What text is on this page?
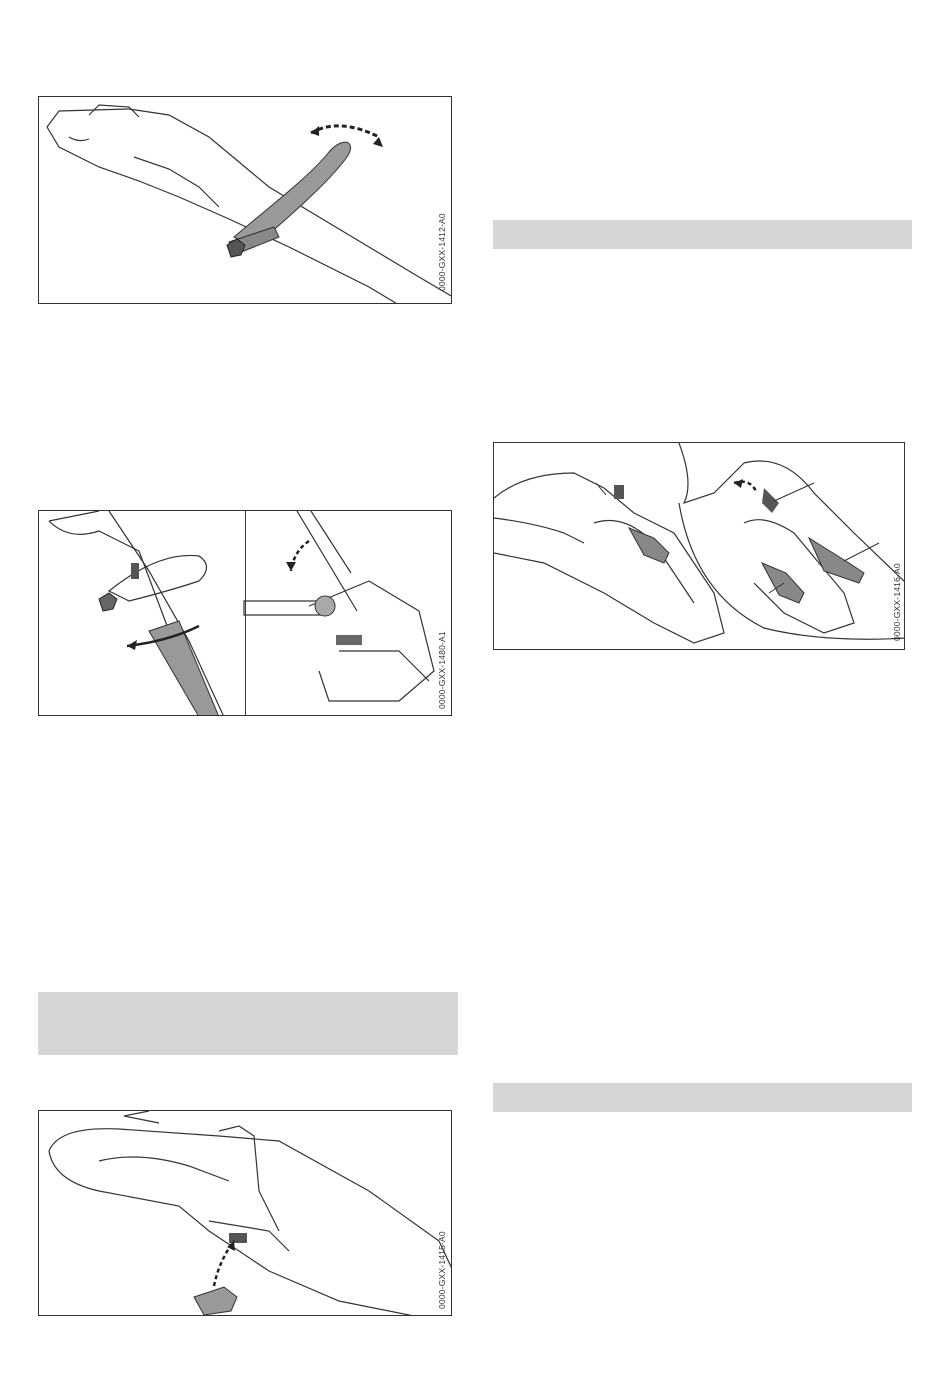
0000-GXX-1412-A0
0000-GXX-1480-A1
0000-GXX-1415-A0
0000-GXX-1416-A0
